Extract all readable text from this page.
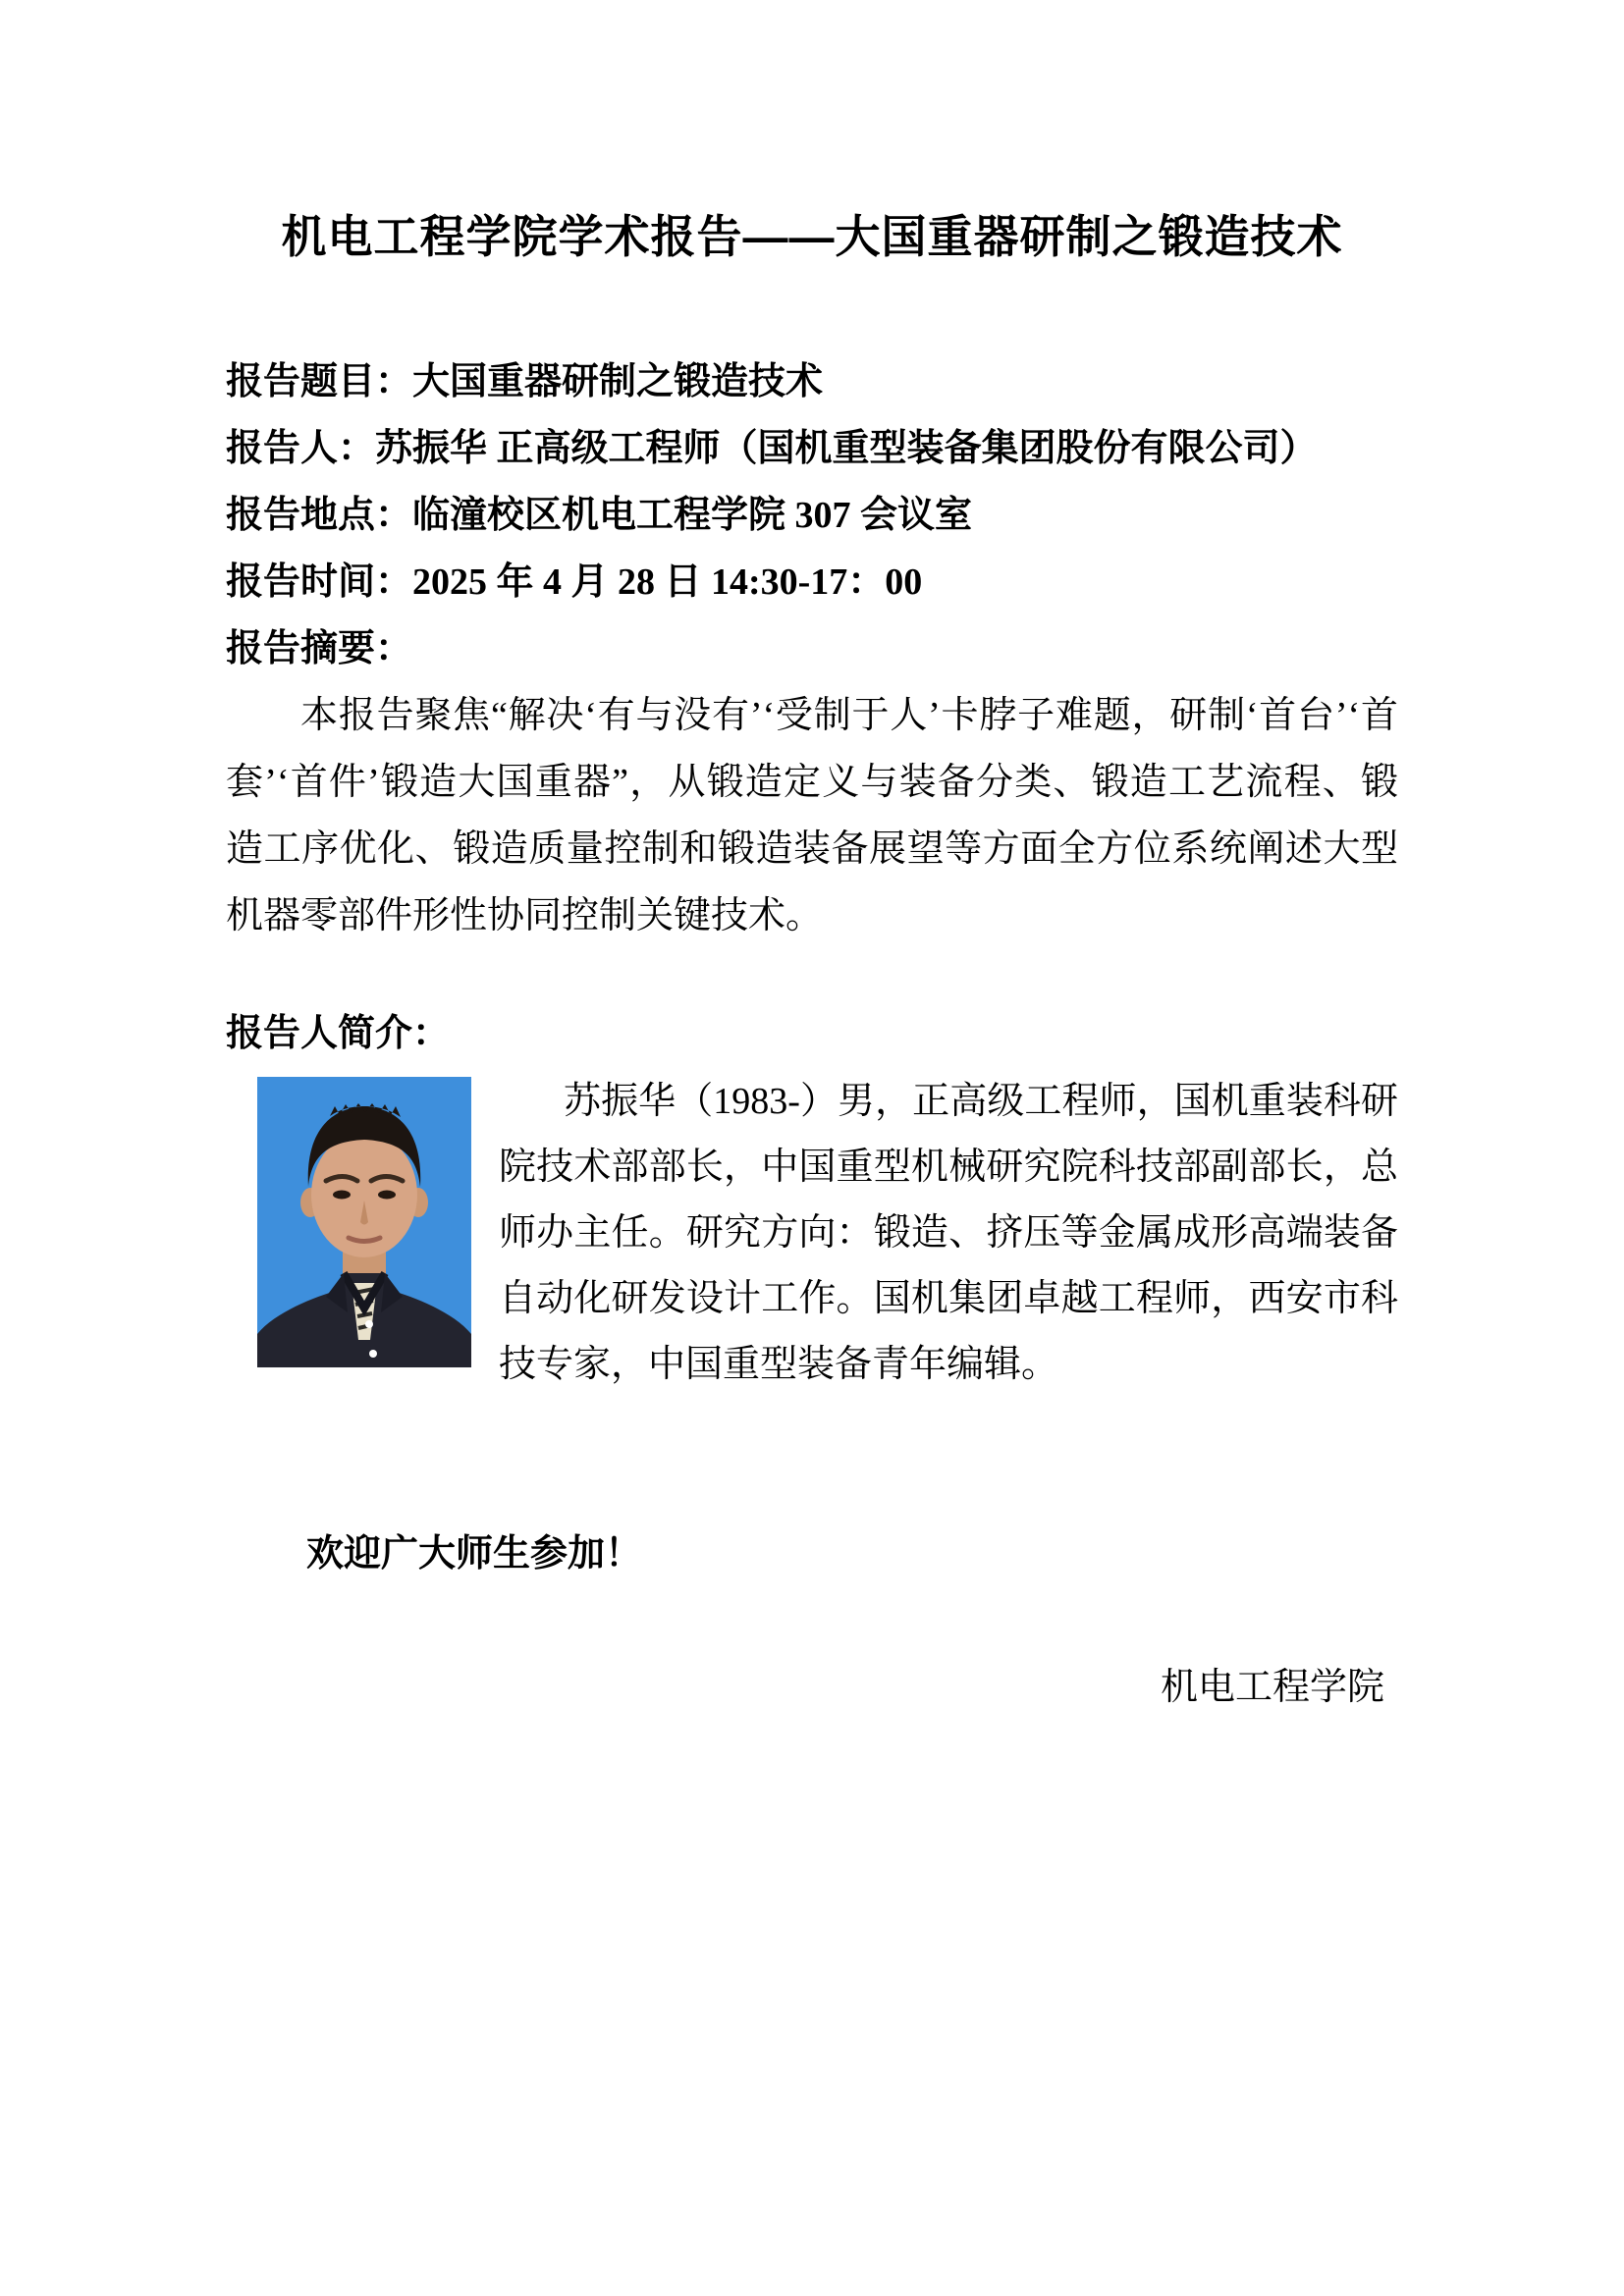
机电工程学院学术报告——大国重器研制之锻造技术
报告题目：大国重器研制之锻造技术
报告人：苏振华 正高级工程师（国机重型装备集团股份有限公司）
报告地点：临潼校区机电工程学院 307 会议室
报告时间：2025 年 4 月 28 日 14:30-17：00
报告摘要：

本报告聚焦“解决‘有与没有’‘受制于人’卡脖子难题，研制‘首台’‘首套’‘首件’锻造大国重器”，从锻造定义与装备分类、锻造工艺流程、锻造工序优化、锻造质量控制和锻造装备展望等方面全方位系统阐述大型机器零部件形性协同控制关键技术。

报告人简介：

苏振华（1983-）男，正高级工程师，国机重装科研院技术部部长，中国重型机械研究院科技部副部长，总师办主任。研究方向：锻造、挤压等金属成形高端装备自动化研发设计工作。国机集团卓越工程师，西安市科技专家，中国重型装备青年编辑。

欢迎广大师生参加！
机电工程学院
